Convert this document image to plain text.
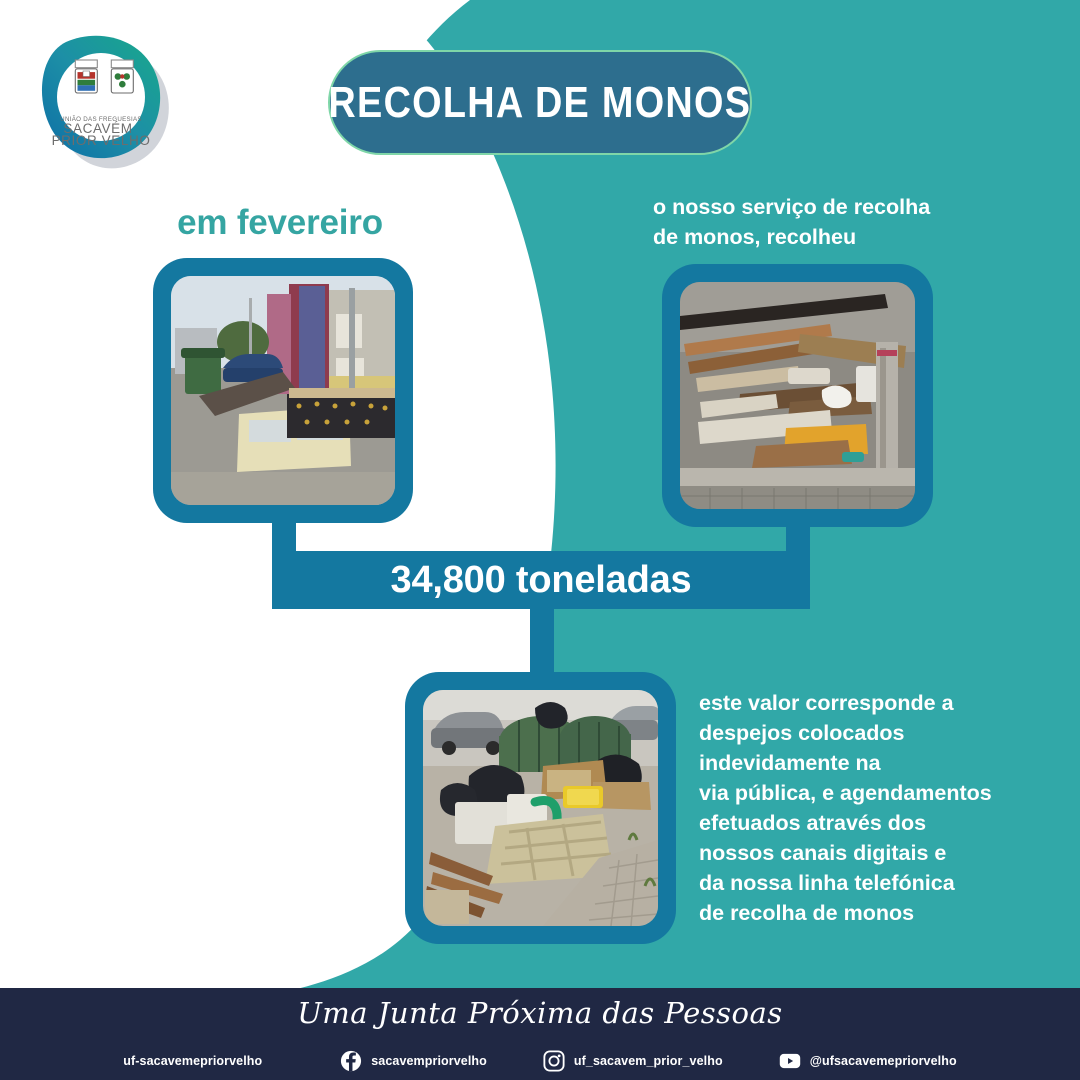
UNIÃO DAS FREGUESIAS
SACAVÉM
PRIOR VELHO
RECOLHA DE MONOS
em fevereiro	o nosso serviço de recolha
de monos, recolheu
34,800 toneladas
este valor corresponde a
despejos colocados
indevidamente na
via pública, e agendamentos
efetuados através dos
nossos canais digitais e
da nossa linha telefónica
de recolha de monos
Uma Junta Próxima das Pessoas
uf-sacavemepriorvelho	sacavempriorvelho	uf_sacavem_prior_velho	@ufsacavemepriorvelho
